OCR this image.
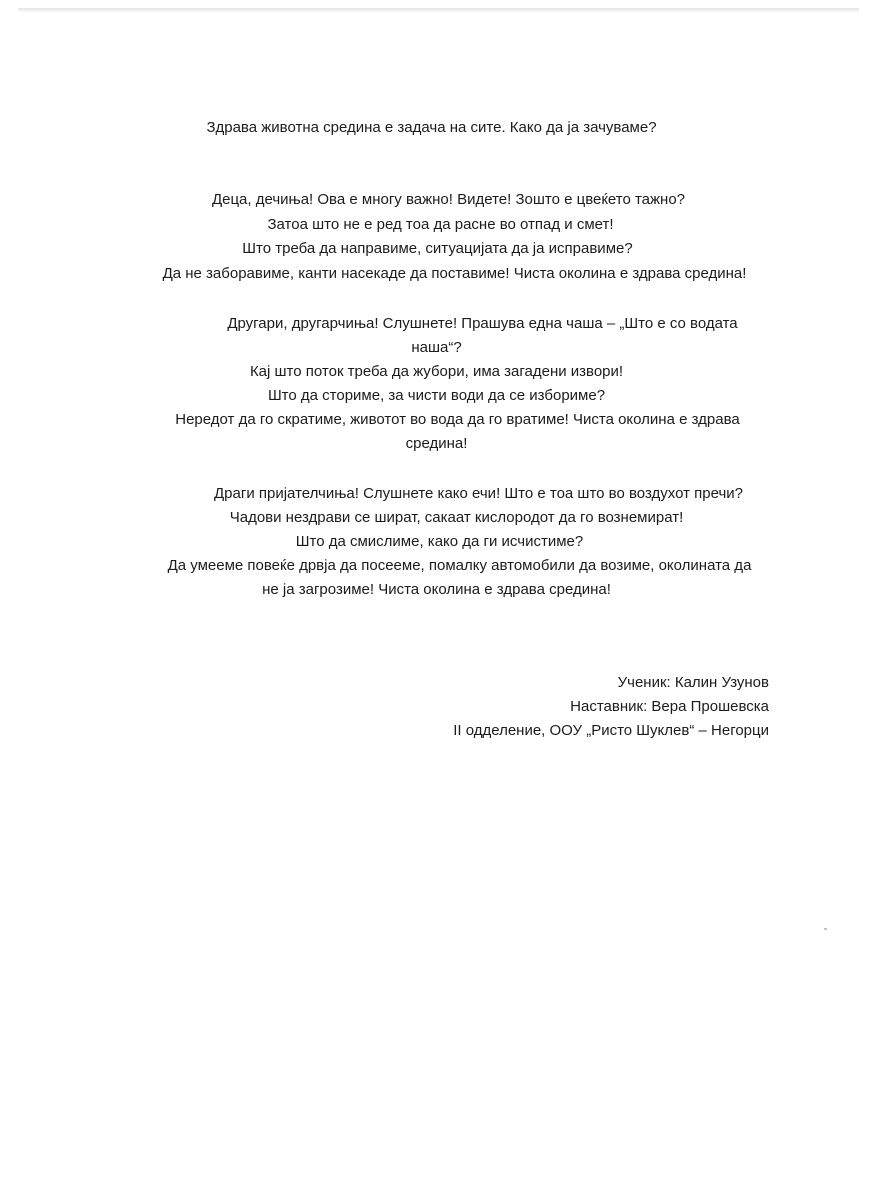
Здрава животна средина е задача на сите. Како да ја зачуваме?
Деца, дечиња! Ова е многу важно! Видете! Зошто е цвеќето тажно?
Затоа што не е ред тоа да расне во отпад и смет!
Што треба да направиме, ситуацијата да ја исправиме?
Да не заборавиме, канти насекаде да поставиме! Чиста околина е здрава средина!
Другари, другарчиња! Слушнете! Прашува една чаша – „Што е со водата
наша“?
Кај што поток треба да жубори, има загадени извори!
Што да сториме, за чисти води да се избориме?
Нередот да го скратиме, животот во вода да го вратиме! Чиста околина е здрава
средина!
Драги пријателчиња! Слушнете како ечи! Што е тоа што во воздухот пречи?
Чадови нездрави се шират, сакаат кислородот да го вознемират!
Што да смислиме, како да ги исчистиме?
Да умееме повеќе дрвја да посееме, помалку автомобили да возиме, околината да
не ја загрозиме! Чиста околина е здрава средина!
Ученик: Калин Узунов
Наставник: Вера Прошевска
II одделение, ООУ „Ристо Шуклев“ – Негорци
